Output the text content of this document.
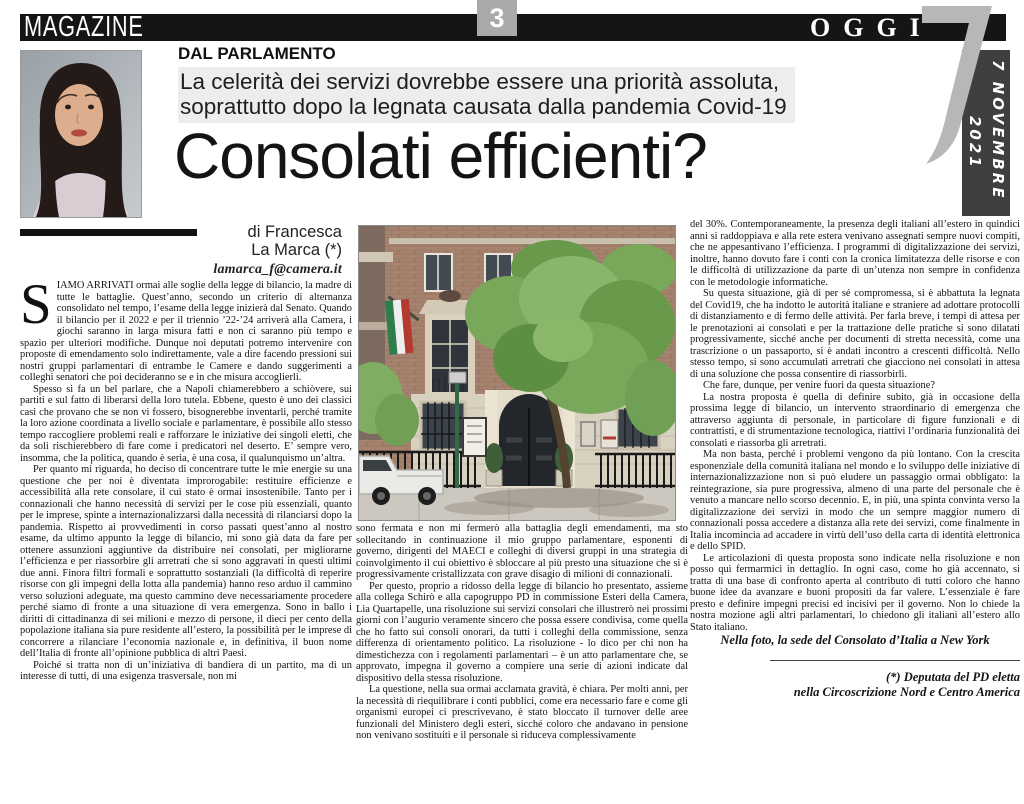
MAGAZINE	OGGI
3
7 NOVEMBRE
2021
DAL PARLAMENTO
La celerità dei servizi dovrebbe essere una priorità assoluta,
soprattutto dopo la legnata causata dalla pandemia Covid-19
Consolati efficienti?
di Francesca
La Marca (*)
lamarca_f@camera.it

SIAMO ARRIVATI ormai alle soglie della legge di bilancio, la madre di tutte le battaglie. Quest’anno, secondo un criterio di alternanza consolidato nel tempo, l’esame della legge inizierà dal Senato. Quando il bilancio per il 2022 e per il triennio ’22-’24 arriverà alla Camera, i giochi saranno in larga misura fatti e non ci saranno più tempo e spazio per ulteriori modifiche. Dunque noi deputati potremo intervenire con proposte di emendamento solo indirettamente, vale a dire facendo pressioni sui nostri gruppi parlamentari di entrambe le Camere e dando suggerimenti a colleghi senatori che poi decideranno se e in che misura accoglierli.

Spesso si fa un bel parlare, che a Napoli chiamerebbero a schiòvere, sui partiti e sul fatto di liberarsi della loro tutela. Ebbene, questo è uno dei classici casi che provano che se non vi fossero, bisognerebbe inventarli, perché tramite la loro azione coordinata a livello sociale e parlamentare, è possibile allo stesso tempo raccogliere problemi reali e rafforzare le iniziative dei singoli eletti, che da soli rischierebbero di fare come i predicatori nel deserto. E’ sempre vero, insomma, che la politica, quando è seria, è una cosa, il qualunquismo un’altra.

Per quanto mi riguarda, ho deciso di concentrare tutte le mie energie su una questione che per noi è diventata improrogabile: restituire efficienze e accessibilità alla rete consolare, il cui stato è ormai insostenibile. Tanto per i connazionali che hanno necessità di servizi per le cose più essenziali, quanto per le imprese, spinte a internazionalizzarsi dalla necessità di rilanciarsi dopo la pandemia. Rispetto ai provvedimenti in corso passati quest’anno al nostro esame, da ultimo appunto la legge di bilancio, mi sono già data da fare per ottenere assunzioni aggiuntive da distribuire nei consolati, per migliorarne l’efficienza e per riassorbire gli arretrati che si sono aggravati in questi ultimi due anni. Finora filtri formali e soprattutto sostanziali (la difficoltà di reperire risorse con gli impegni della lotta alla pandemia) hanno reso arduo il cammino verso soluzioni adeguate, ma questo cammino deve necessariamente procedere perché siamo di fronte a una situazione di vera emergenza. Sono in ballo i diritti di cittadinanza di sei milioni e mezzo di persone, il dieci per cento della popolazione italiana sia pure residente all’estero, la possibilità per le imprese di concorrere a rilanciare l’economia nazionale e, in definitiva, il buon nome dell’Italia di fronte all’opinione pubblica di altri Paesi.

Poiché si tratta non di un’iniziativa di bandiera di un partito, ma di un interesse di tutti, di una esigenza trasversale, non mi

sono fermata e non mi fermerò alla battaglia degli emendamenti, ma sto sollecitando in continuazione il mio gruppo parlamentare, esponenti di governo, dirigenti del MAECI e colleghi di diversi gruppi in una strategia di coinvolgimento il cui obiettivo è sbloccare al più presto una situazione che si è progressivamente cristallizzata con grave disagio di milioni di connazionali.

Per questo, proprio a ridosso della legge di bilancio ho presentato, assieme alla collega Schirò e alla capogruppo PD in commissione Esteri della Camera, Lia Quartapelle, una risoluzione sui servizi consolari che illustrerò nei prossimi giorni con l’augurio veramente sincero che possa essere condivisa, come quella che ho fatto sui consoli onorari, da tutti i colleghi della commissione, senza differenza di orientamento politico. La risoluzione - lo dico per chi non ha dimestichezza con i regolamenti parlamentari – è un atto parlamentare che, se approvato, impegna il governo a compiere una serie di azioni indicate dal dispositivo della stessa risoluzione.

La questione, nella sua ormai acclamata gravità, è chiara. Per molti anni, per la necessità di riequilibrare i conti pubblici, come era necessario fare e come gli organismi europei ci prescrivevano, è stato bloccato il turnover delle aree funzionali del Ministero degli esteri, sicché coloro che andavano in pensione non venivano sostituiti e il personale si riduceva complessivamente

del 30%. Contemporaneamente, la presenza degli italiani all’estero in quindici anni si raddoppiava e alla rete estera venivano assegnati sempre nuovi compiti, che ne appesantivano l’efficienza. I programmi di digitalizzazione dei servizi, inoltre, hanno dovuto fare i conti con la cronica limitatezza delle risorse e con le difficoltà di utilizzazione da parte di un’utenza non sempre in confidenza con le metodologie informatiche.

Su questa situazione, già di per sé compromessa, si è abbattuta la legnata del Covid19, che ha indotto le autorità italiane e straniere ad adottare protocolli di distanziamento e di fermo delle attività. Per farla breve, i tempi di attesa per le prenotazioni ai consolati e per la trattazione delle pratiche si sono dilatati progressivamente, sicché anche per documenti di stretta necessità, come una trascrizione o un passaporto, si è andati incontro a crescenti difficoltà. Nello stesso tempo, si sono accumulati arretrati che giacciono nei consolati in attesa di una soluzione che possa consentire di riassorbirli.

Che fare, dunque, per venire fuori da questa situazione?

La nostra proposta è quella di definire subito, già in occasione della prossima legge di bilancio, un intervento straordinario di emergenza che attraverso aggiunta di personale, in particolare di figure funzionali e di contrattisti, e di strumentazione tecnologica, riattivi l’ordinaria funzionalità dei consolati e riassorba gli arretrati.

Ma non basta, perché i problemi vengono da più lontano. Con la crescita esponenziale della comunità italiana nel mondo e lo sviluppo delle iniziative di internazionalizzazione non si può eludere un passaggio ormai obbligato: la reintegrazione, sia pure progressiva, almeno di una parte del personale che è venuto a mancare nello scorso decennio. E, in più, una spinta convinta verso la digitalizzazione dei servizi in modo che un sempre maggior numero di connazionali possa accedere a distanza alla rete dei servizi, come finalmente in Italia incomincia ad accadere in virtù dell’uso della carta di identità elettronica e dello SPID.

Le articolazioni di questa proposta sono indicate nella risoluzione e non posso qui fermarmici in dettaglio. In ogni caso, come ho già accennato, si tratta di una base di confronto aperta al contributo di tutti coloro che hanno buone idee da avanzare e buoni propositi da far valere. L’essenziale è fare presto e definire impegni precisi ed incisivi per il governo. Non lo chiede la nostra mozione agli altri parlamentari, lo chiedono gli italiani all’estero allo Stato italiano.

Nella foto, la sede del Consolato d’Italia a New York

(*) Deputata del PD eletta

nella Circoscrizione Nord e Centro America
